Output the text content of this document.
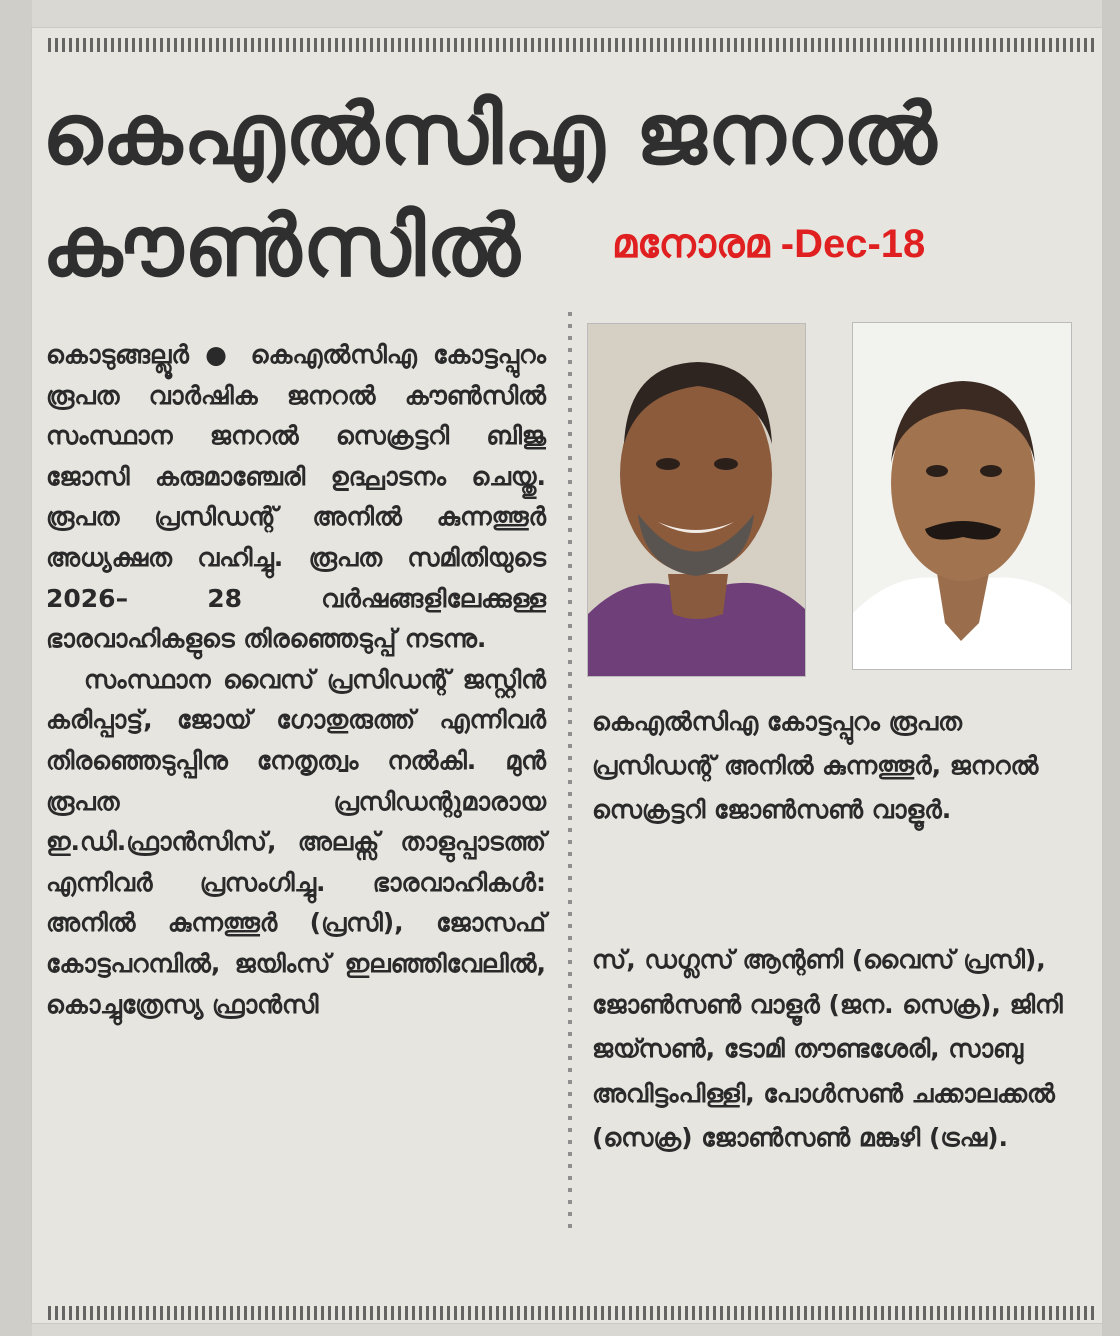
കെഎൽസിഎ ജനറൽ
കൗൺസിൽ	മനോരമ -Dec-18

കൊടുങ്ങല്ലൂർ ● കെഎൽസിഎ കോട്ടപ്പുറം രൂപത വാർഷിക ജനറൽ കൗൺസിൽ സംസ്ഥാന ജനറൽ സെക്രട്ടറി ബിജു ജോസി കരുമാഞ്ചേരി ഉദ്ഘാടനം ചെയ്തു. രൂപത പ്രസിഡന്റ് അനിൽ കുന്നത്തൂർ അധ്യക്ഷത വഹിച്ചു. രൂപത സമിതിയുടെ 2026– 28 വർഷങ്ങളിലേക്കുള്ള ഭാരവാഹികളുടെ തിരഞ്ഞെടുപ്പ് നടന്നു.

സംസ്ഥാന വൈസ് പ്രസിഡന്റ് ജസ്റ്റിൻ കരിപ്പാട്ട്, ജോയ് ഗോതുരുത്ത് എന്നിവർ തിരഞ്ഞെടുപ്പിനു നേതൃത്വം നൽകി. മുൻ രൂപത പ്രസിഡന്റുമാരായ ഇ.ഡി.ഫ്രാൻസിസ്, അലക്സ് താളുപ്പാടത്ത് എന്നിവർ പ്രസംഗിച്ചു. ഭാരവാഹികൾ: അനിൽ കുന്നത്തൂർ (പ്രസി), ജോസഫ് കോട്ടപറമ്പിൽ, ജയിംസ് ഇലഞ്ഞിവേലിൽ, കൊച്ചുത്രേസ്യ ഫ്രാൻസി

കെഎൽസിഎ കോട്ടപ്പുറം രൂപത പ്രസിഡന്റ് അനിൽ കുന്നത്തൂർ, ജനറൽ സെക്രട്ടറി ജോൺസൺ വാളൂർ.

സ്, ഡഗ്ലസ് ആന്റണി (വൈസ് പ്രസി), ജോൺസൺ വാളൂർ (ജന. സെക്ര), ജിനി ജയ്സൺ, ടോമി തൗണ്ടശേരി, സാബു അവിട്ടംപിള്ളി, പോൾസൺ ചക്കാലക്കൽ (സെക്ര) ജോൺസൺ മങ്കുഴി (ട്രഷ).
